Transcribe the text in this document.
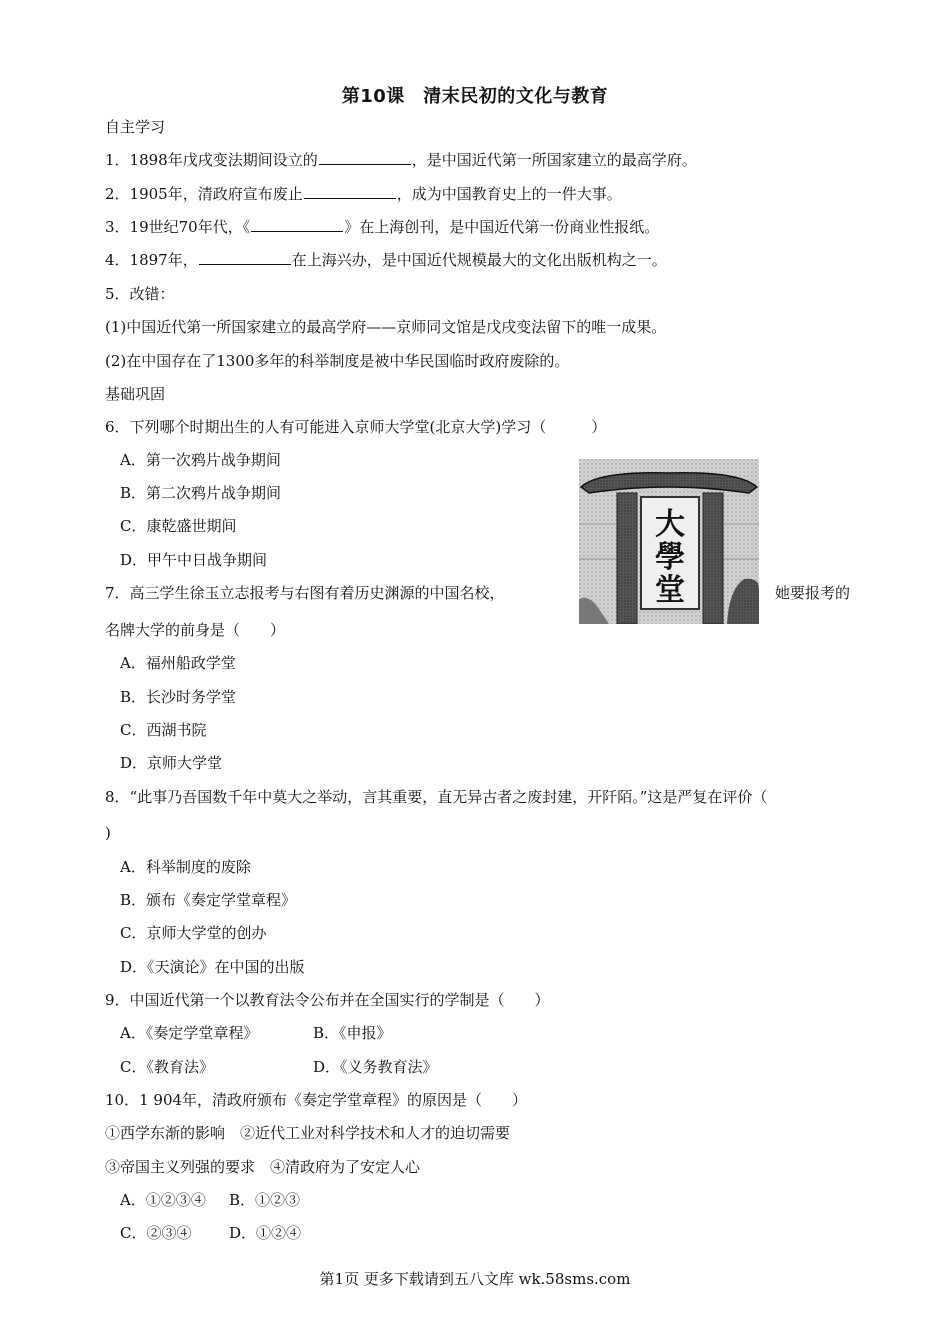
第10课　清末民初的文化与教育
自主学习
1．1898年戊戌变法期间设立的	，是中国近代第一所国家建立的最高学府。
2．1905年，清政府宣布废止	，成为中国教育史上的一件大事。
3．19世纪70年代，《	》在上海创刊，是中国近代第一份商业性报纸。
4．1897年，	在上海兴办，是中国近代规模最大的文化出版机构之一。
5．改错：
(1)中国近代第一所国家建立的最高学府——京师同文馆是戊戌变法留下的唯一成果。
(2)在中国存在了1300多年的科举制度是被中华民国临时政府废除的。
基础巩固
6．下列哪个时期出生的人有可能进入京师大学堂(北京大学)学习（　　　）
A．第一次鸦片战争期间
B．第二次鸦片战争期间
C．康乾盛世期间
D．甲午中日战争期间
大
學
堂
7．高三学生徐玉立志报考与右图有着历史渊源的中国名校，	她要报考的
名牌大学的前身是（　　）
A．福州船政学堂
B．长沙时务学堂
C．西湖书院
D．京师大学堂
8．“此事乃吾国数千年中莫大之举动，言其重要，直无异古者之废封建，开阡陌。”这是严复在评价（
)
A．科举制度的废除
B．颁布《奏定学堂章程》
C．京师大学堂的创办
D．《天演论》在中国的出版
9．中国近代第一个以教育法令公布并在全国实行的学制是（　　）
A．《奏定学堂章程》	B．《申报》
C．《教育法》	D．《义务教育法》
10．1 904年，清政府颁布《奏定学堂章程》的原因是（　　）
①西学东渐的影响　②近代工业对科学技术和人才的迫切需要
③帝国主义列强的要求　④清政府为了安定人心
A．①②③④ B．①②③
C．②③④	D．①②④
第1页 更多下载请到五八文库 wk.58sms.com
